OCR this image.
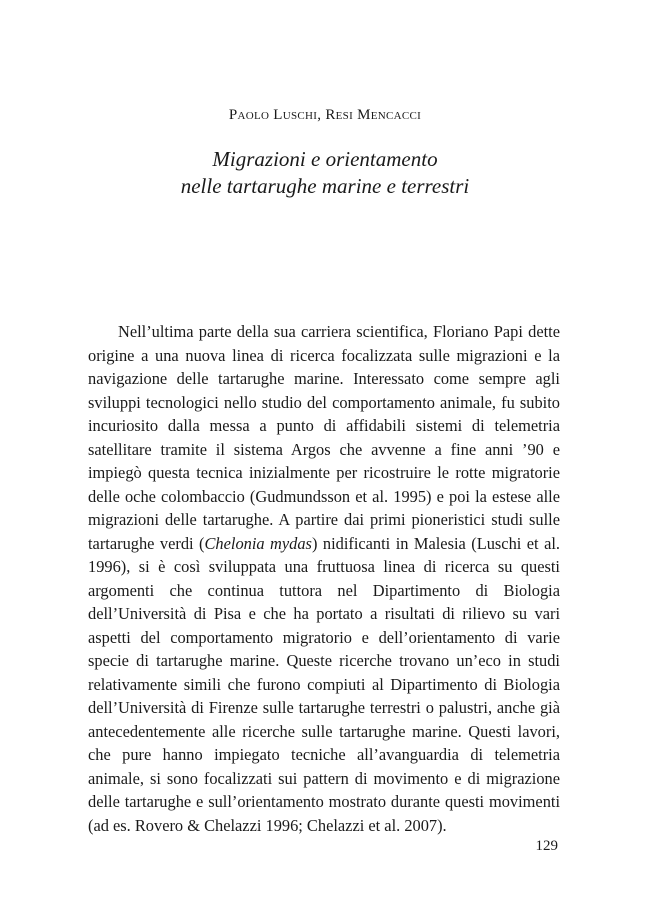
Paolo Luschi, Resi Mencacci
Migrazioni e orientamento
nelle tartarughe marine e terrestri

Nell’ultima parte della sua carriera scientifica, Floriano Papi dette origine a una nuova linea di ricerca focalizzata sulle migrazioni e la navigazione delle tartarughe marine. Interessato come sempre agli sviluppi tecnologici nello studio del comportamento animale, fu subito incuriosito dalla messa a punto di affidabili sistemi di telemetria satellitare tramite il sistema Argos che avvenne a fine anni ’90 e impiegò questa tecnica inizialmente per ricostruire le rotte migratorie delle oche colombaccio (Gudmundsson et al. 1995) e poi la estese alle migrazioni delle tartarughe. A partire dai primi pioneristici studi sulle tartarughe verdi (Chelonia mydas) nidificanti in Malesia (Luschi et al. 1996), si è così sviluppata una fruttuosa linea di ricerca su questi argomenti che continua tuttora nel Dipartimento di Biologia dell’Università di Pisa e che ha portato a risultati di rilievo su vari aspetti del comportamento migratorio e dell’orientamento di varie specie di tartarughe marine. Queste ricerche trovano un’eco in studi relativamente simili che furono compiuti al Dipartimento di Biologia dell’Università di Firenze sulle tartarughe terrestri o palustri, anche già antecedentemente alle ricerche sulle tartarughe marine. Questi lavori, che pure hanno impiegato tecniche all’avanguardia di telemetria animale, si sono focalizzati sui pattern di movimento e di migrazione delle tartarughe e sull’orientamento mostrato durante questi movimenti (ad es. Rovero & Chelazzi 1996; Chelazzi et al. 2007).

129
